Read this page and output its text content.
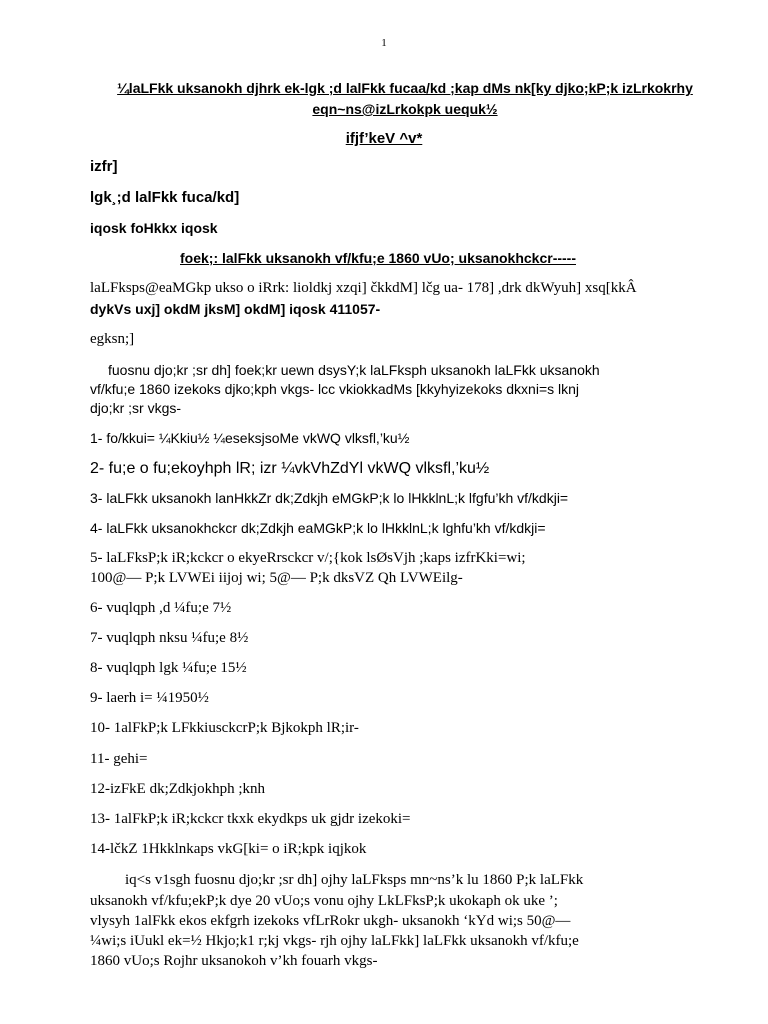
1
¼laLFkk uksanokh djhrk ek-lgk ;d lalFkk fucaa/kd ;kap dMs nk[ky djko;kP;k izLrkokrhy
eqn~ns@izLrkokpk uequk½
ifjf’keV ^v*
izfr]
lgk¸;d lalFkk fuca/kd]
iqosk foHkkx iqosk
foek;: lalFkk uksanokh vf/kfu;e 1860 vUo; uksanokhckcr-----
laLFksps@eaMGkp ukso o iRrk: lioldkj xzqi] čkkdM] lčg ua- 178] ,drk dkWyuh] xsq[kkÂ
dykVs uxj] okdM jksM] okdM] iqosk 411057-
egksn;]
fuosnu djo;kr ;sr dh] foek;kr uewn dsysY;k laLFksph uksanokh laLFkk uksanokh
vf/kfu;e 1860 izekoks djko;kph vkgs- lcc vkiokkadMs [kkyhyizekoks dkxni=s lknj
djo;kr ;sr vkgs-
1- fo/kkui= ¼Kkiu½ ¼eseksjsoMe vkWQ vlksfl,’ku½
2- fu;e o fu;ekoyhph lR; izr ¼vkVhZdYl vkWQ vlksfl,’ku½
3- laLFkk uksanokh lanHkkZr dk;Zdkjh eMGkP;k lo lHkklnL;k lfgfu’kh vf/kdkji=
4- laLFkk uksanokhckcr dk;Zdkjh eaMGkP;k lo lHkklnL;k lghfu’kh vf/kdkji=
5- laLFksP;k iR;kckcr o ekyeRrsckcr v/;{kok lsØsVjh ;kaps izfrKki=wi;
100@— P;k LVWEi iijoj wi; 5@— P;k dksVZ Qh LVWEilg-
6- vuqlqph ,d ¼fu;e 7½
7- vuqlqph nksu ¼fu;e 8½
8- vuqlqph lgk ¼fu;e 15½
9- laerh i= ¼1950½
10- 1alFkP;k LFkkiusckcrP;k Bjkokph lR;ir-
11- gehi=
12-izFkE dk;Zdkjokhph ;knh
13- 1alFkP;k iR;kckcr tkxk ekydkps uk gjdr izekoki=
14-lčkZ 1Hkklnkaps vkG[ki= o iR;kpk iqjkok
iq<s v1sgh fuosnu djo;kr ;sr dh] ojhy laLFksps mn~ns’k lu 1860 P;k laLFkk
uksanokh vf/kfu;ekP;k dye 20 vUo;s vonu ojhy LkLFksP;k ukokaph ok uke ’;
vlysyh 1alFkk ekos ekfgrh izekoks vfLrRokr ukgh- uksanokh ‘kYd wi;s 50@—
¼wi;s iUukl ek=½ Hkjo;k1 r;kj vkgs- rjh ojhy laLFkk] laLFkk uksanokh vf/kfu;e
1860 vUo;s Rojhr uksanokoh v’kh fouarh vkgs-
